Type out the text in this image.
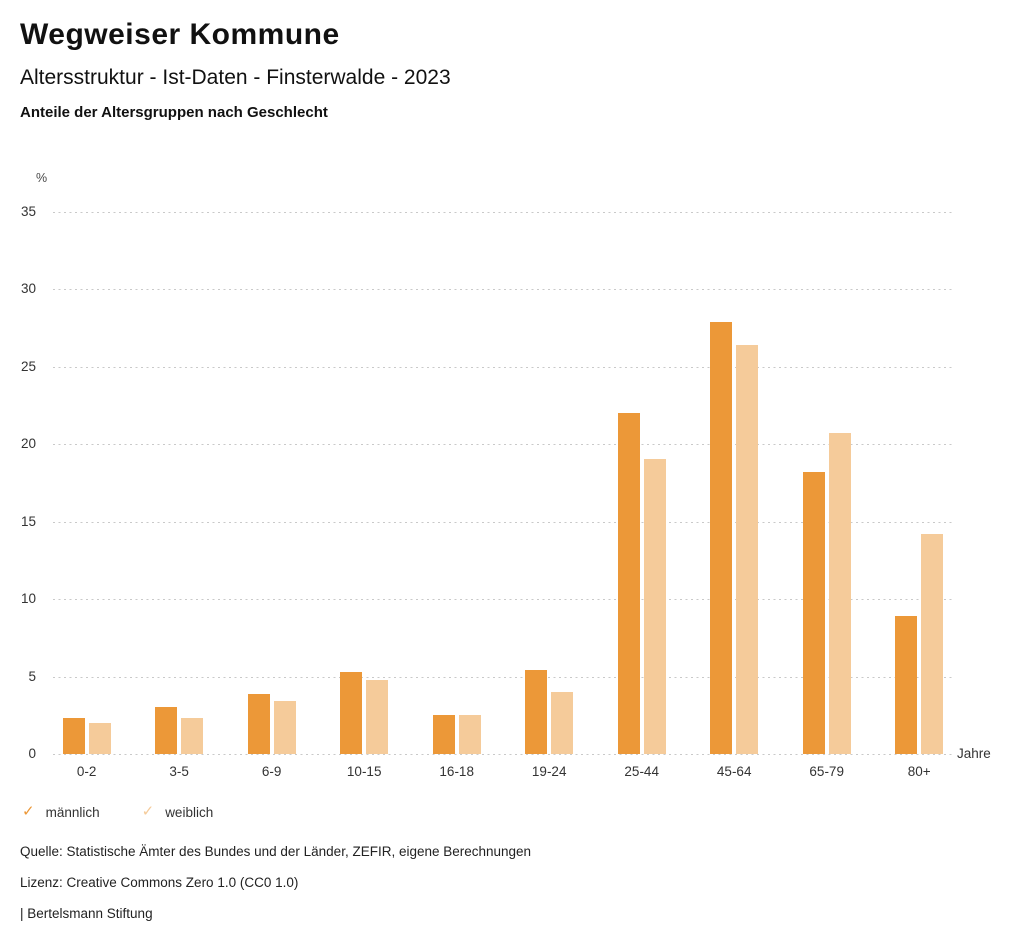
Wegweiser Kommune
Altersstruktur - Ist-Daten - Finsterwalde - 2023
Anteile der Altersgruppen nach Geschlecht
%
0
5
10
15
20
25
30
35
0-2	3-5	6-9	10-15	16-18	19-24	25-44	45-64	65-79	80+
Jahre
✓ männlich	✓ weiblich
Quelle: Statistische Ämter des Bundes und der Länder, ZEFIR, eigene Berechnungen
Lizenz: Creative Commons Zero 1.0 (CC0 1.0)
| Bertelsmann Stiftung
